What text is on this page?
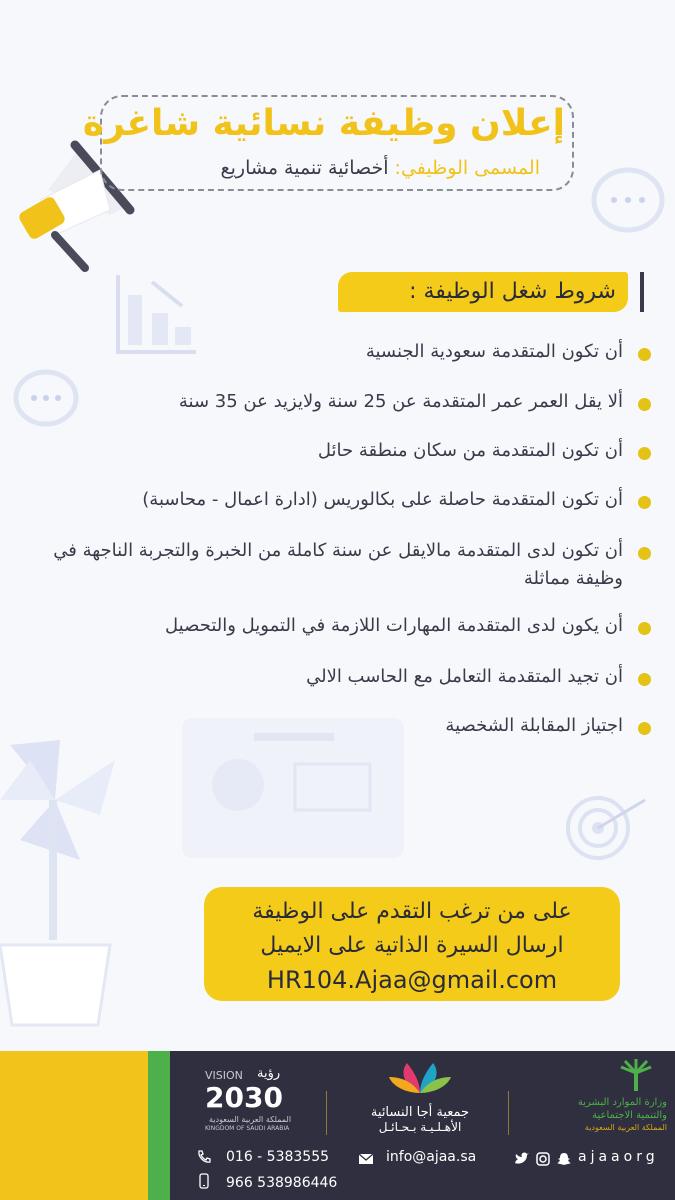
إعلان وظيفة نسائية شاغرة
المسمى الوظيفي: أخصائية تنمية مشاريع
شروط شغل الوظيفة :
أن تكون المتقدمة سعودية الجنسية
ألا يقل العمر عمر المتقدمة عن 25 سنة ولايزيد عن 35 سنة
أن تكون المتقدمة من سكان منطقة حائل
أن تكون المتقدمة حاصلة على بكالوريس (ادارة اعمال - محاسبة)
أن تكون لدى المتقدمة مالايقل عن سنة كاملة من الخبرة والتجربة الناجهة في وظيفة مماثلة
أن يكون لدى المتقدمة المهارات اللازمة في التمويل والتحصيل
أن تجيد المتقدمة التعامل مع الحاسب الالي
اجتياز المقابلة الشخصية
على من ترغب التقدم على الوظيفة
ارسال السيرة الذاتية على الايميل
HR104.Ajaa@gmail.com
VISION رؤية
2030
المملكة العربية السعودية
KINGDOM OF SAUDI ARABIA
جمعية أجا النسائية
الأهـلـيـة بـحـائـل
وزارة الموارد البشرية
والتنمية الاجتماعية
المملكة العربية السعودية
016 - 5383555
966 538986446
info@ajaa.sa	ajaaorg
